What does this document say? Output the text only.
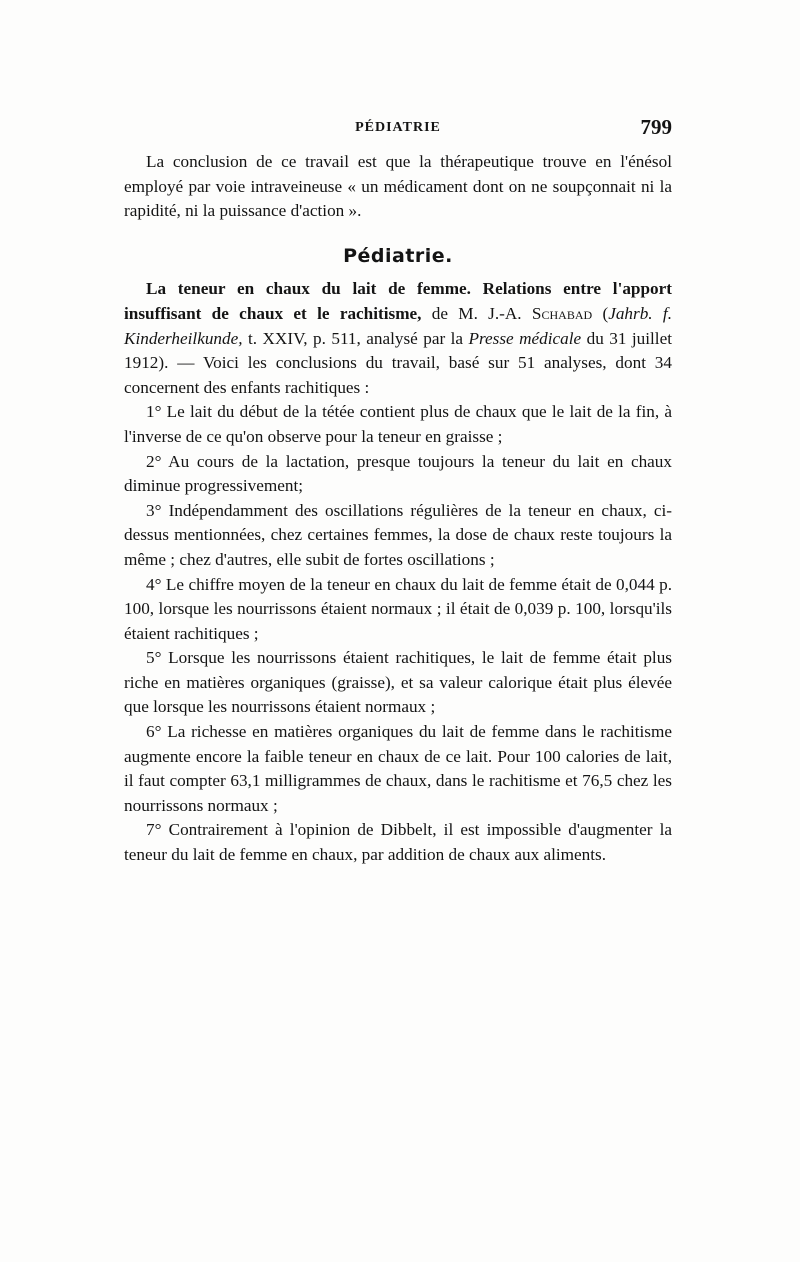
PÉDIATRIE	799

La conclusion de ce travail est que la thérapeutique trouve en l'énésol employé par voie intraveineuse « un médicament dont on ne soupçonnait ni la rapidité, ni la puissance d'action ».

Pédiatrie.

La teneur en chaux du lait de femme. Relations entre l'apport insuffisant de chaux et le rachitisme, de M. J.-A. Schabad (Jahrb. f. Kinderheilkunde, t. XXIV, p. 511, analysé par la Presse médicale du 31 juillet 1912). — Voici les conclusions du travail, basé sur 51 analyses, dont 34 concernent des enfants rachitiques :

1° Le lait du début de la tétée contient plus de chaux que le lait de la fin, à l'inverse de ce qu'on observe pour la teneur en graisse ;

2° Au cours de la lactation, presque toujours la teneur du lait en chaux diminue progressivement;

3° Indépendamment des oscillations régulières de la teneur en chaux, ci-dessus mentionnées, chez certaines femmes, la dose de chaux reste toujours la même ; chez d'autres, elle subit de fortes oscillations ;

4° Le chiffre moyen de la teneur en chaux du lait de femme était de 0,044 p. 100, lorsque les nourrissons étaient normaux ; il était de 0,039 p. 100, lorsqu'ils étaient rachitiques ;

5° Lorsque les nourrissons étaient rachitiques, le lait de femme était plus riche en matières organiques (graisse), et sa valeur calorique était plus élevée que lorsque les nourrissons étaient normaux ;

6° La richesse en matières organiques du lait de femme dans le rachitisme augmente encore la faible teneur en chaux de ce lait. Pour 100 calories de lait, il faut compter 63,1 milligrammes de chaux, dans le rachitisme et 76,5 chez les nourrissons normaux ;

7° Contrairement à l'opinion de Dibbelt, il est impossible d'augmenter la teneur du lait de femme en chaux, par addition de chaux aux aliments.
